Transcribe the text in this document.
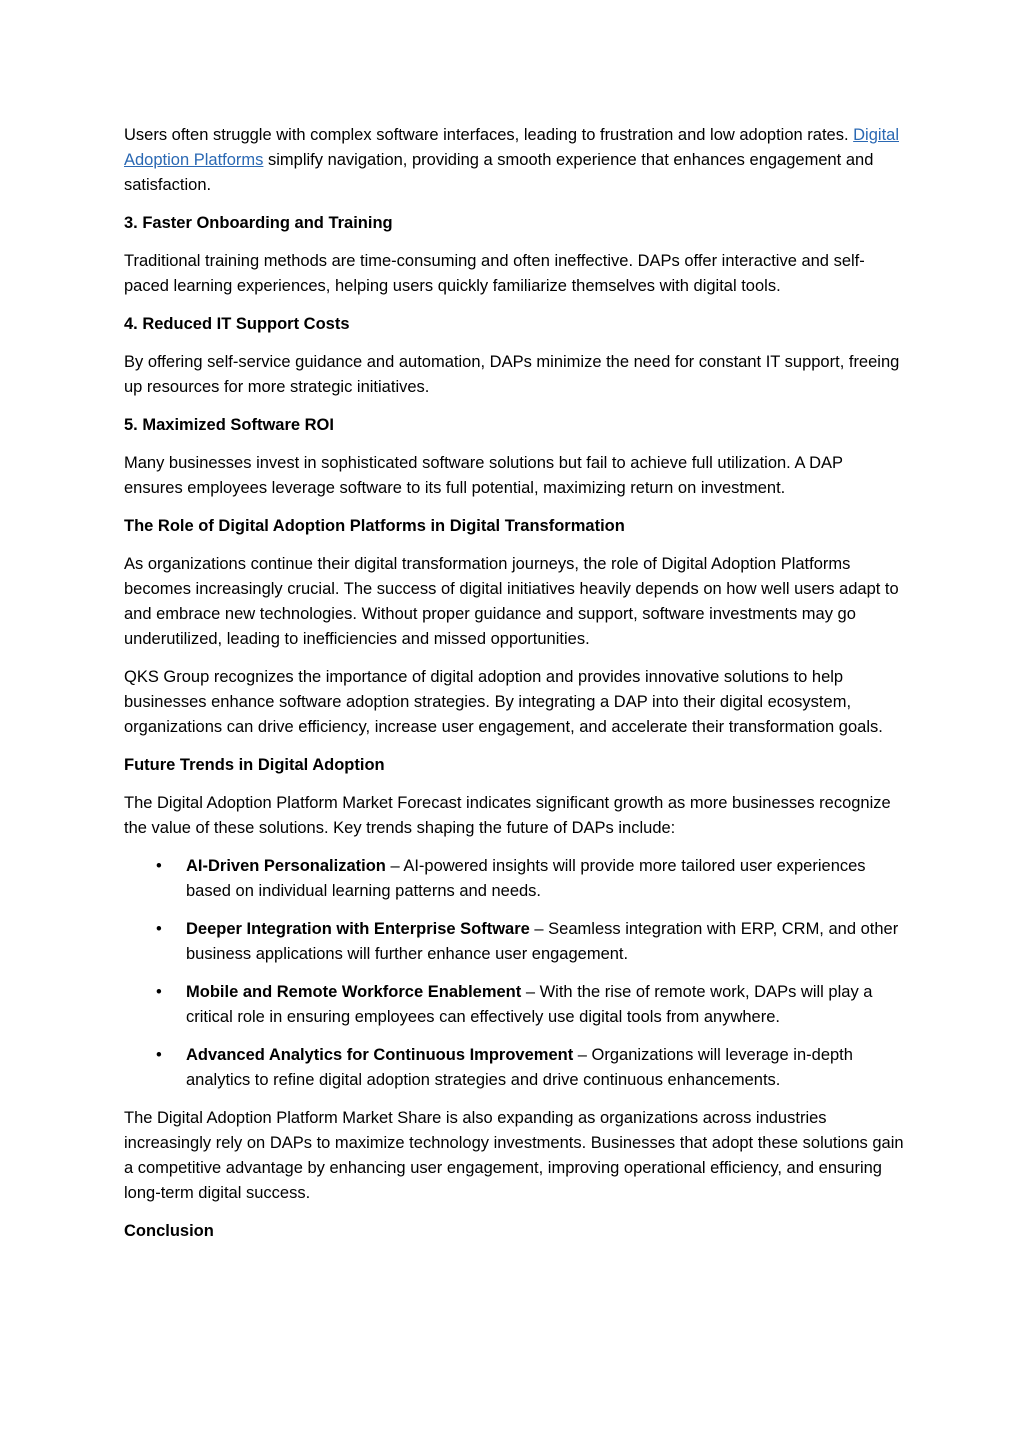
Users often struggle with complex software interfaces, leading to frustration and low adoption rates. Digital Adoption Platforms simplify navigation, providing a smooth experience that enhances engagement and satisfaction.

3. Faster Onboarding and Training

Traditional training methods are time-consuming and often ineffective. DAPs offer interactive and self-paced learning experiences, helping users quickly familiarize themselves with digital tools.

4. Reduced IT Support Costs

By offering self-service guidance and automation, DAPs minimize the need for constant IT support, freeing up resources for more strategic initiatives.

5. Maximized Software ROI

Many businesses invest in sophisticated software solutions but fail to achieve full utilization. A DAP ensures employees leverage software to its full potential, maximizing return on investment.

The Role of Digital Adoption Platforms in Digital Transformation

As organizations continue their digital transformation journeys, the role of Digital Adoption Platforms becomes increasingly crucial. The success of digital initiatives heavily depends on how well users adapt to and embrace new technologies. Without proper guidance and support, software investments may go underutilized, leading to inefficiencies and missed opportunities.

QKS Group recognizes the importance of digital adoption and provides innovative solutions to help businesses enhance software adoption strategies. By integrating a DAP into their digital ecosystem, organizations can drive efficiency, increase user engagement, and accelerate their transformation goals.

Future Trends in Digital Adoption

The Digital Adoption Platform Market Forecast indicates significant growth as more businesses recognize the value of these solutions. Key trends shaping the future of DAPs include:

• AI-Driven Personalization – AI-powered insights will provide more tailored user experiences based on individual learning patterns and needs.
• Deeper Integration with Enterprise Software – Seamless integration with ERP, CRM, and other business applications will further enhance user engagement.
• Mobile and Remote Workforce Enablement – With the rise of remote work, DAPs will play a critical role in ensuring employees can effectively use digital tools from anywhere.
• Advanced Analytics for Continuous Improvement – Organizations will leverage in-depth analytics to refine digital adoption strategies and drive continuous enhancements.

The Digital Adoption Platform Market Share is also expanding as organizations across industries increasingly rely on DAPs to maximize technology investments. Businesses that adopt these solutions gain a competitive advantage by enhancing user engagement, improving operational efficiency, and ensuring long-term digital success.

Conclusion
